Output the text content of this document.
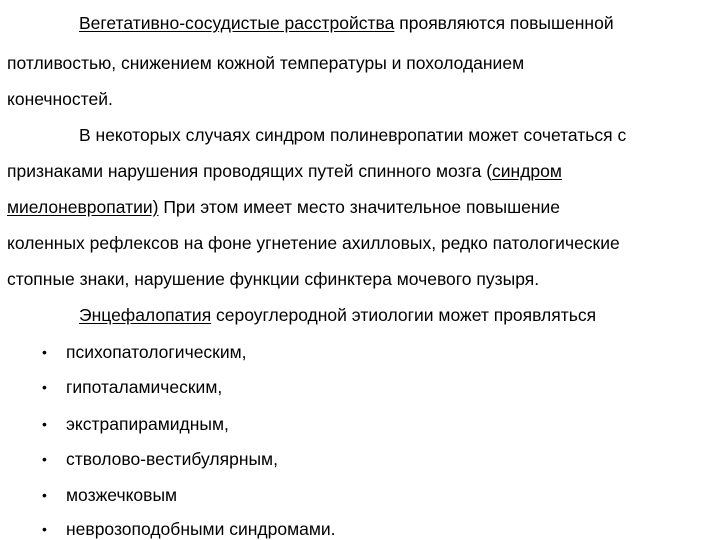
Вегетативно-сосудистые расстройства проявляются повышенной
потливостью, снижением кожной температуры и похолоданием
конечностей.
В некоторых случаях синдром полиневропатии может сочетаться с
признаками нарушения проводящих путей спинного мозга (синдром
миелоневропатии) При этом имеет место значительное повышение
коленных рефлексов на фоне угнетение ахилловых, редко патологические
стопные знаки, нарушение функции сфинктера мочевого пузыря.
Энцефалопатия сероуглеродной этиологии может проявляться
• психопатологическим,
• гипоталамическим,
• экстрапирамидным,
• стволово-вестибулярным,
• мозжечковым
• неврозоподобными синдромами.
